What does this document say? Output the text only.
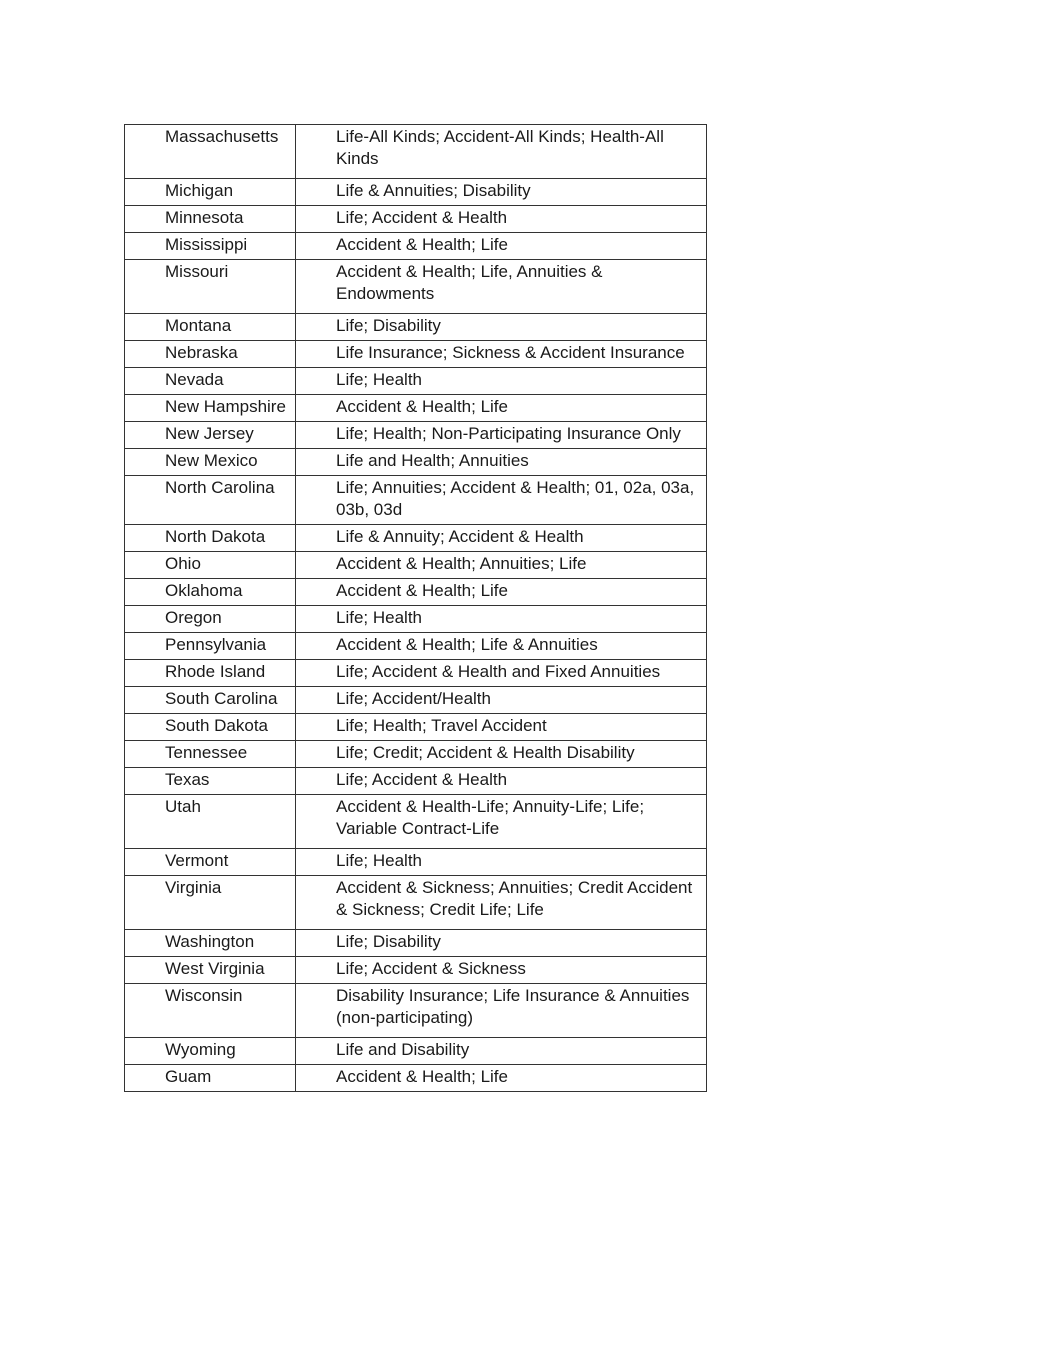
Massachusetts	Life-All Kinds; Accident-All Kinds; Health-All Kinds
Michigan	Life & Annuities; Disability
Minnesota	Life; Accident & Health
Mississippi	Accident & Health; Life
Missouri	Accident & Health; Life, Annuities & Endowments
Montana	Life; Disability
Nebraska	Life Insurance; Sickness & Accident Insurance
Nevada	Life; Health
New Hampshire	Accident & Health; Life
New Jersey	Life; Health; Non-Participating Insurance Only
New Mexico	Life and Health; Annuities
North Carolina	Life; Annuities; Accident & Health; 01, 02a, 03a, 03b, 03d
North Dakota	Life & Annuity; Accident & Health
Ohio	Accident & Health; Annuities; Life
Oklahoma	Accident & Health; Life
Oregon	Life; Health
Pennsylvania	Accident & Health; Life & Annuities
Rhode Island	Life; Accident & Health and Fixed Annuities
South Carolina	Life; Accident/Health
South Dakota	Life; Health; Travel Accident
Tennessee	Life; Credit; Accident & Health Disability
Texas	Life; Accident & Health
Utah	Accident & Health-Life; Annuity-Life; Life; Variable Contract-Life
Vermont	Life; Health
Virginia	Accident & Sickness; Annuities; Credit Accident & Sickness; Credit Life; Life
Washington	Life; Disability
West Virginia	Life; Accident & Sickness
Wisconsin	Disability Insurance; Life Insurance & Annuities (non-participating)
Wyoming	Life and Disability
Guam	Accident & Health; Life
